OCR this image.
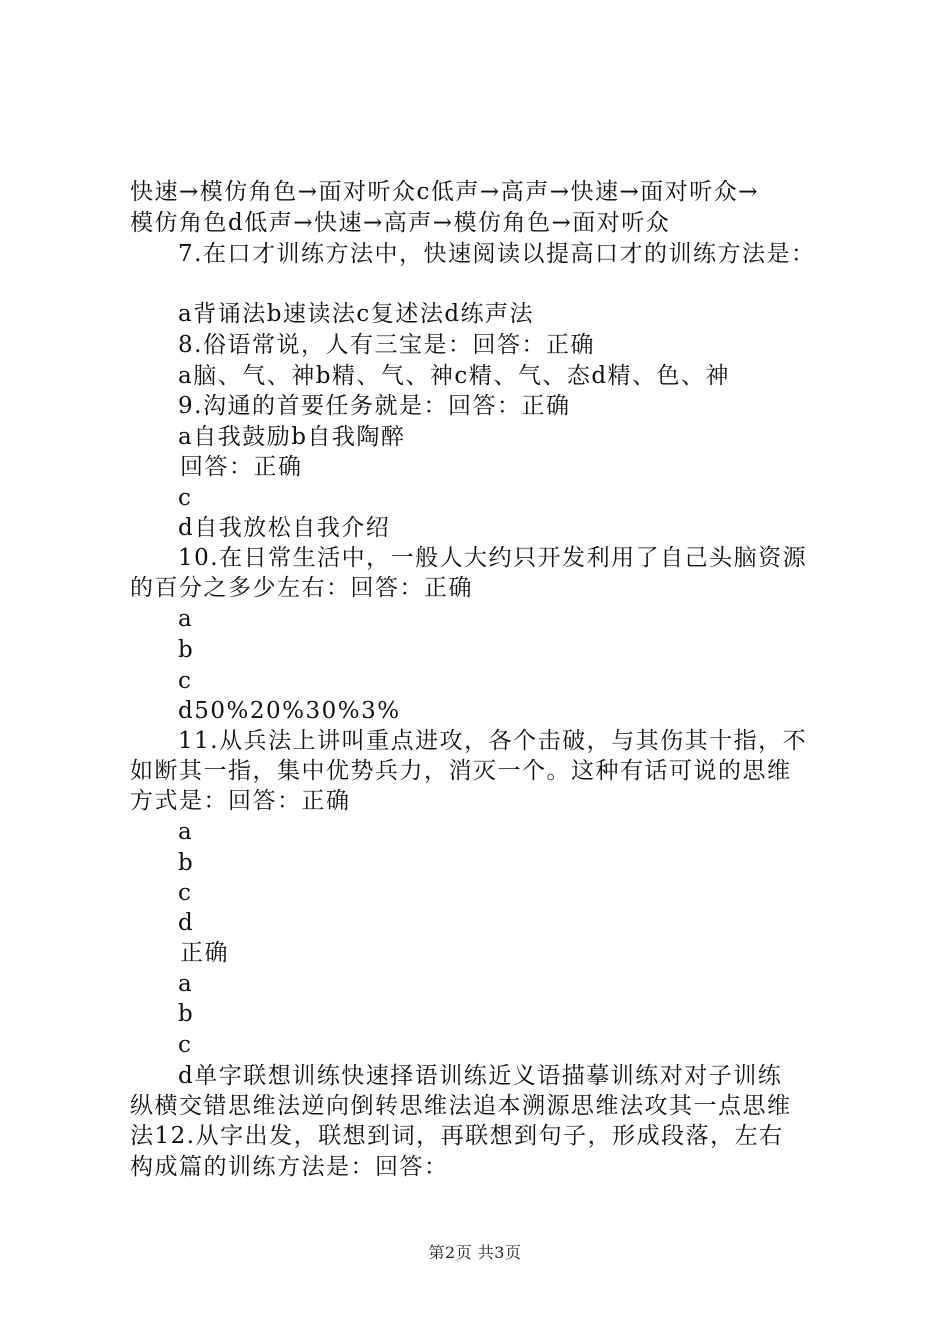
快速→模仿角色→面对听众c低声→高声→快速→面对听众→
模仿角色d低声→快速→高声→模仿角色→面对听众
7.在口才训练方法中，快速阅读以提高口才的训练方法是：
a背诵法b速读法c复述法d练声法
8.俗语常说，人有三宝是：回答：正确
a脑、气、神b精、气、神c精、气、态d精、色、神
9.沟通的首要任务就是：回答：正确
a自我鼓励b自我陶醉
回答：正确
c
d自我放松自我介绍
10.在日常生活中，一般人大约只开发利用了自己头脑资源
的百分之多少左右：回答：正确
a
b
c
d50%20%30%3%
11.从兵法上讲叫重点进攻，各个击破，与其伤其十指，不
如断其一指，集中优势兵力，消灭一个。这种有话可说的思维
方式是：回答：正确
a
b
c
d
正确
a
b
c
d单字联想训练快速择语训练近义语描摹训练对对子训练
纵横交错思维法逆向倒转思维法追本溯源思维法攻其一点思维
法12.从字出发，联想到词，再联想到句子，形成段落，左右
构成篇的训练方法是：回答：
第2页 共3页
